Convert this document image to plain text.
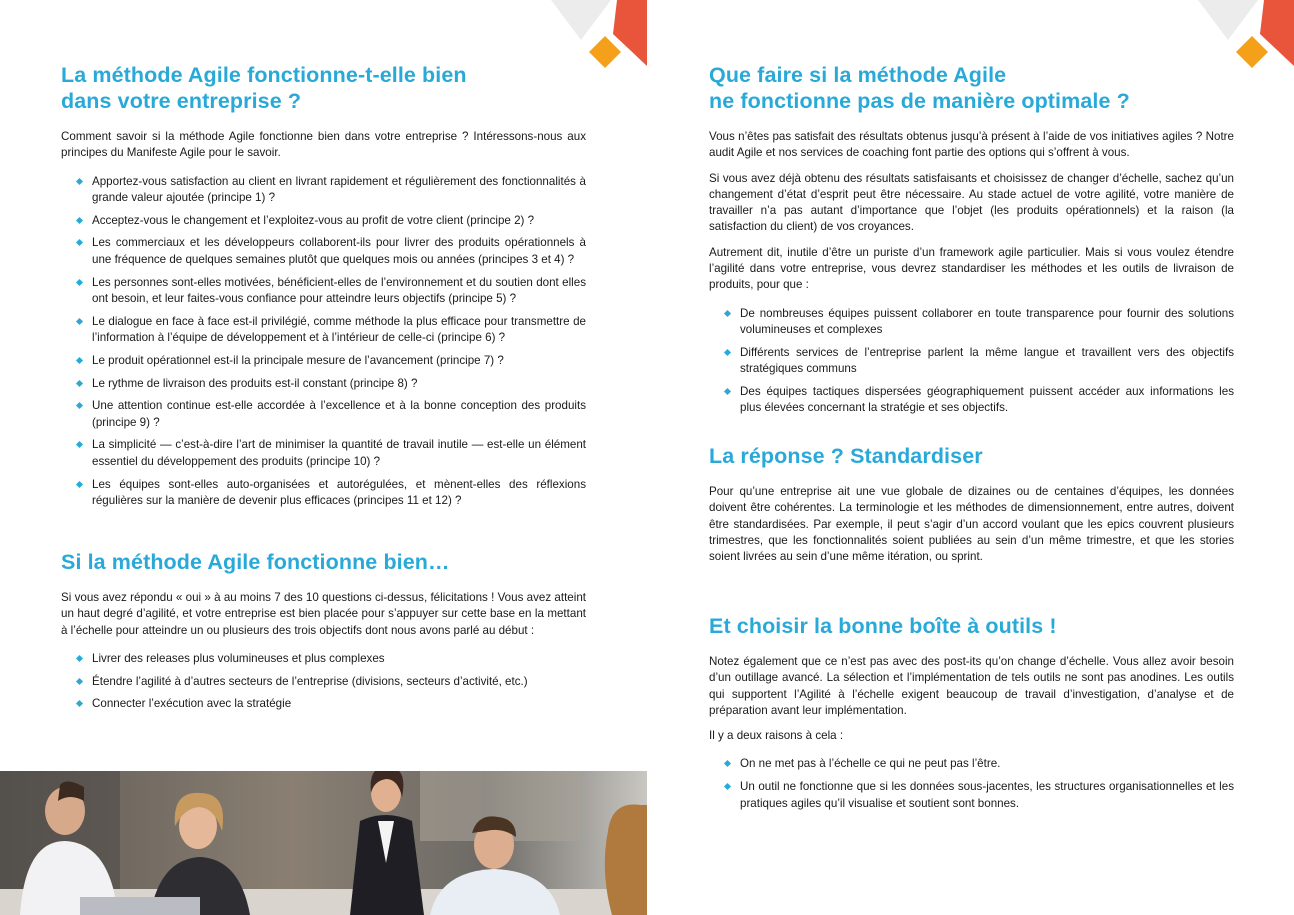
La méthode Agile fonctionne-t-elle bien
dans votre entreprise ?

Comment savoir si la méthode Agile fonctionne bien dans votre entreprise ? Intéressons-nous aux principes du Manifeste Agile pour le savoir.

Apportez-vous satisfaction au client en livrant rapidement et régulièrement des fonctionnalités à grande valeur ajoutée (principe 1) ?
Acceptez-vous le changement et l’exploitez-vous au profit de votre client (principe 2) ?
Les commerciaux et les développeurs collaborent-ils pour livrer des produits opérationnels à une fréquence de quelques semaines plutôt que quelques mois ou années (principes 3 et 4) ?
Les personnes sont-elles motivées, bénéficient-elles de l’environnement et du soutien dont elles ont besoin, et leur faites-vous confiance pour atteindre leurs objectifs (principe 5) ?
Le dialogue en face à face est-il privilégié, comme méthode la plus efficace pour transmettre de l’information à l’équipe de développement et à l’intérieur de celle-ci (principe 6) ?
Le produit opérationnel est-il la principale mesure de l’avancement (principe 7) ?
Le rythme de livraison des produits est-il constant (principe 8) ?
Une attention continue est-elle accordée à l’excellence et à la bonne conception des produits (principe 9) ?
La simplicité — c’est-à-dire l’art de minimiser la quantité de travail inutile — est-elle un élément essentiel du développement des produits (principe 10) ?
Les équipes sont-elles auto-organisées et autorégulées, et mènent-elles des réflexions régulières sur la manière de devenir plus efficaces (principes 11 et 12) ?
Si la méthode Agile fonctionne bien…

Si vous avez répondu « oui » à au moins 7 des 10 questions ci-dessus, félicitations ! Vous avez atteint un haut degré d’agilité, et votre entreprise est bien placée pour s’appuyer sur cette base en la mettant à l’échelle pour atteindre un ou plusieurs des trois objectifs dont nous avons parlé au début :

Livrer des releases plus volumineuses et plus complexes
Étendre l’agilité à d’autres secteurs de l’entreprise (divisions, secteurs d’activité, etc.)
Connecter l’exécution avec la stratégie
Que faire si la méthode Agile
ne fonctionne pas de manière optimale ?

Vous n’êtes pas satisfait des résultats obtenus jusqu’à présent à l’aide de vos initiatives agiles ? Notre audit Agile et nos services de coaching font partie des options qui s’offrent à vous.

Si vous avez déjà obtenu des résultats satisfaisants et choisissez de changer d’échelle, sachez qu’un changement d’état d’esprit peut être nécessaire. Au stade actuel de votre agilité, votre manière de travailler n’a pas autant d’importance que l’objet (les produits opérationnels) et la raison (la satisfaction du client) de vos croyances.

Autrement dit, inutile d’être un puriste d’un framework agile particulier. Mais si vous voulez étendre l’agilité dans votre entreprise, vous devrez standardiser les méthodes et les outils de livraison de produits, pour que :

De nombreuses équipes puissent collaborer en toute transparence pour fournir des solutions volumineuses et complexes
Différents services de l’entreprise parlent la même langue et travaillent vers des objectifs stratégiques communs
Des équipes tactiques dispersées géographiquement puissent accéder aux informations les plus élevées concernant la stratégie et ses objectifs.
La réponse ? Standardiser

Pour qu’une entreprise ait une vue globale de dizaines ou de centaines d’équipes, les données doivent être cohérentes. La terminologie et les méthodes de dimensionnement, entre autres, doivent être standardisées. Par exemple, il peut s’agir d’un accord voulant que les epics couvrent plusieurs trimestres, que les fonctionnalités soient publiées au sein d’un même trimestre, et que les stories soient livrées au sein d’une même itération, ou sprint.

Et choisir la bonne boîte à outils !

Notez également que ce n’est pas avec des post-its qu’on change d’échelle. Vous allez avoir besoin d’un outillage avancé. La sélection et l’implémentation de tels outils ne sont pas anodines. Les outils qui supportent l’Agilité à l’échelle exigent beaucoup de travail d’investigation, d’analyse et de préparation avant leur implémentation.

Il y a deux raisons à cela :

On ne met pas à l’échelle ce qui ne peut pas l’être.
Un outil ne fonctionne que si les données sous-jacentes, les structures organisationnelles et les pratiques agiles qu’il visualise et soutient sont bonnes.
